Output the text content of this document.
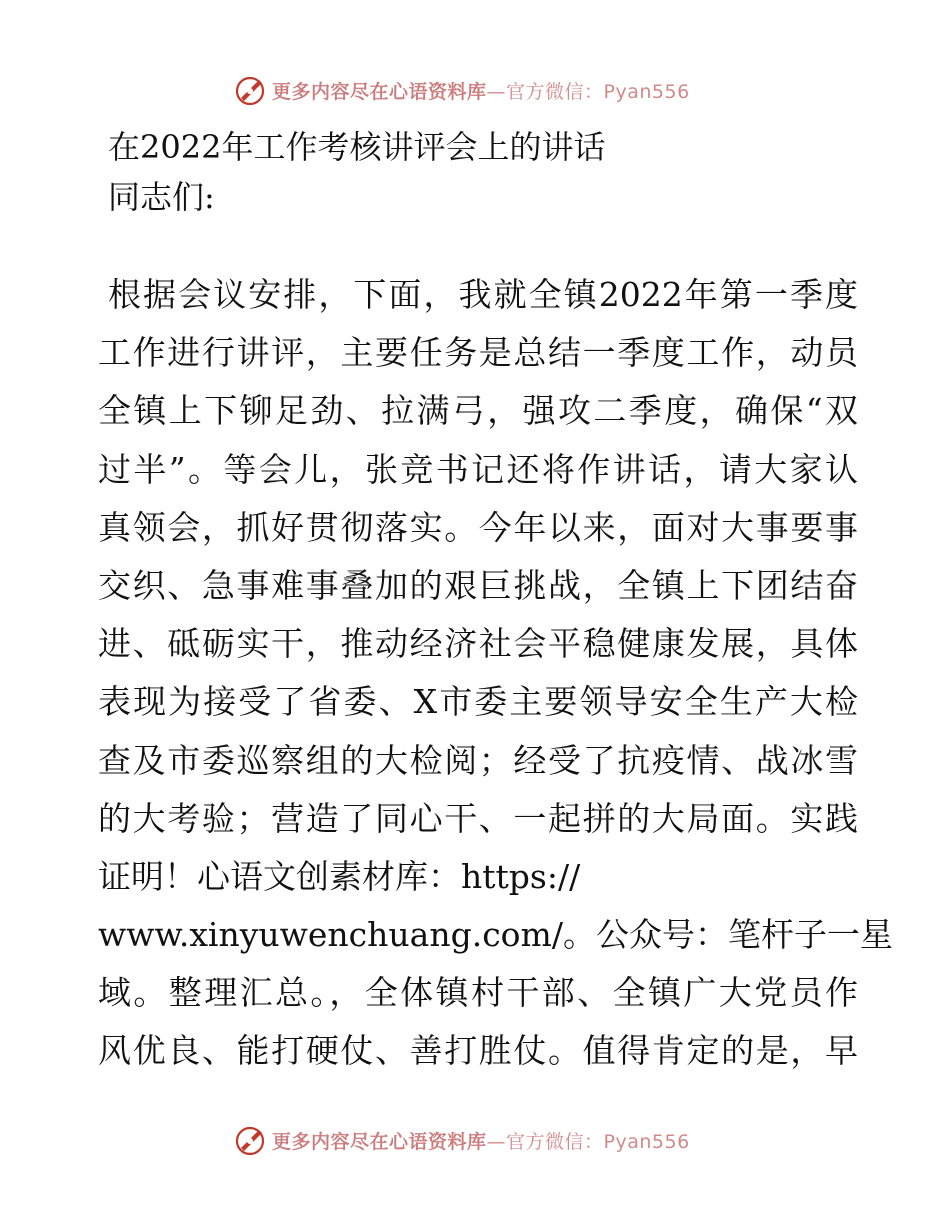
更多内容尽在心语资料库—官方微信：Pyan556
在2022年工作考核讲评会上的讲话
同志们:
根据会议安排，下面，我就全镇2022年第一季度
工作进行讲评，主要任务是总结一季度工作，动员
全镇上下铆足劲、拉满弓，强攻二季度，确保“双
过半”。等会儿，张竞书记还将作讲话，请大家认
真领会，抓好贯彻落实。今年以来，面对大事要事
交织、急事难事叠加的艰巨挑战，全镇上下团结奋
进、砥砺实干，推动经济社会平稳健康发展，具体
表现为接受了省委、X市委主要领导安全生产大检
查及市委巡察组的大检阅；经受了抗疫情、战冰雪
的大考验；营造了同心干、一起拼的大局面。实践
证明！心语文创素材库：https://
www.xinyuwenchuang.com/。公众号：笔杆子一星
域。整理汇总。，全体镇村干部、全镇广大党员作
风优良、能打硬仗、善打胜仗。值得肯定的是，早
更多内容尽在心语资料库—官方微信：Pyan556
